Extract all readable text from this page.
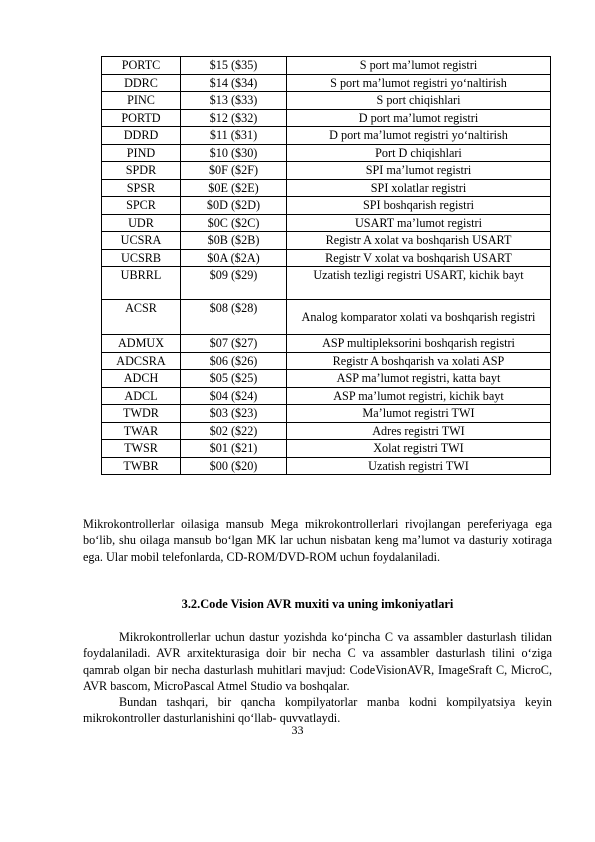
PORTC	$15 ($35)	S port ma’lumot registri
DDRC	$14 ($34)	S port ma’lumot registri yo‘naltirish
PINC	$13 ($33)	S port chiqishlari
PORTD	$12 ($32)	D port ma’lumot registri
DDRD	$11 ($31)	D port ma’lumot registri yo‘naltirish
PIND	$10 ($30)	Port D chiqishlari
SPDR	$0F ($2F)	SPI ma’lumot registri
SPSR	$0E ($2E)	SPI xolatlar registri
SPCR	$0D ($2D)	SPI boshqarish registri
UDR	$0C ($2C)	USART ma’lumot registri
UCSRA	$0B ($2B)	Registr A xolat va boshqarish USART
UCSRB	$0A ($2A)	Registr V xolat va boshqarish USART
UBRRL	$09 ($29)	Uzatish tezligi registri USART, kichik bayt
ACSR	$08 ($28)	Analog komparator xolati va boshqarish registri
ADMUX	$07 ($27)	ASP multipleksorini boshqarish registri
ADCSRA	$06 ($26)	Registr A boshqarish va xolati ASP
ADCH	$05 ($25)	ASP ma’lumot registri, katta bayt
ADCL	$04 ($24)	ASP ma’lumot registri, kichik bayt
TWDR	$03 ($23)	Ma’lumot registri TWI
TWAR	$02 ($22)	Adres registri TWI
TWSR	$01 ($21)	Xolat registri TWI
TWBR	$00 ($20)	Uzatish registri TWI

Mikrokontrollerlar oilasiga mansub Mega mikrokontrollerlari rivojlangan pereferiyaga ega bo‘lib, shu oilaga mansub bo‘lgan MK lar uchun nisbatan keng ma’lumot va dasturiy xotiraga ega. Ular mobil telefonlarda, CD-ROM/DVD-ROM uchun foydalaniladi.

3.2.Code Vision AVR muxiti va uning imkoniyatlari

Mikrokontrollerlar uchun dastur yozishda ko‘pincha C va assambler dasturlash tilidan foydalaniladi. AVR arxitekturasiga doir bir necha C va assambler dasturlash tilini o‘ziga qamrab olgan bir necha dasturlash muhitlari mavjud: CodeVisionAVR, ImageSraft C, MicroC, AVR bascom, MicroPascal Atmel Studio va boshqalar.

Bundan tashqari, bir qancha kompilyatorlar manba kodni kompilyatsiya keyin mikrokontroller dasturlanishini qo‘llab- quvvatlaydi.

33
